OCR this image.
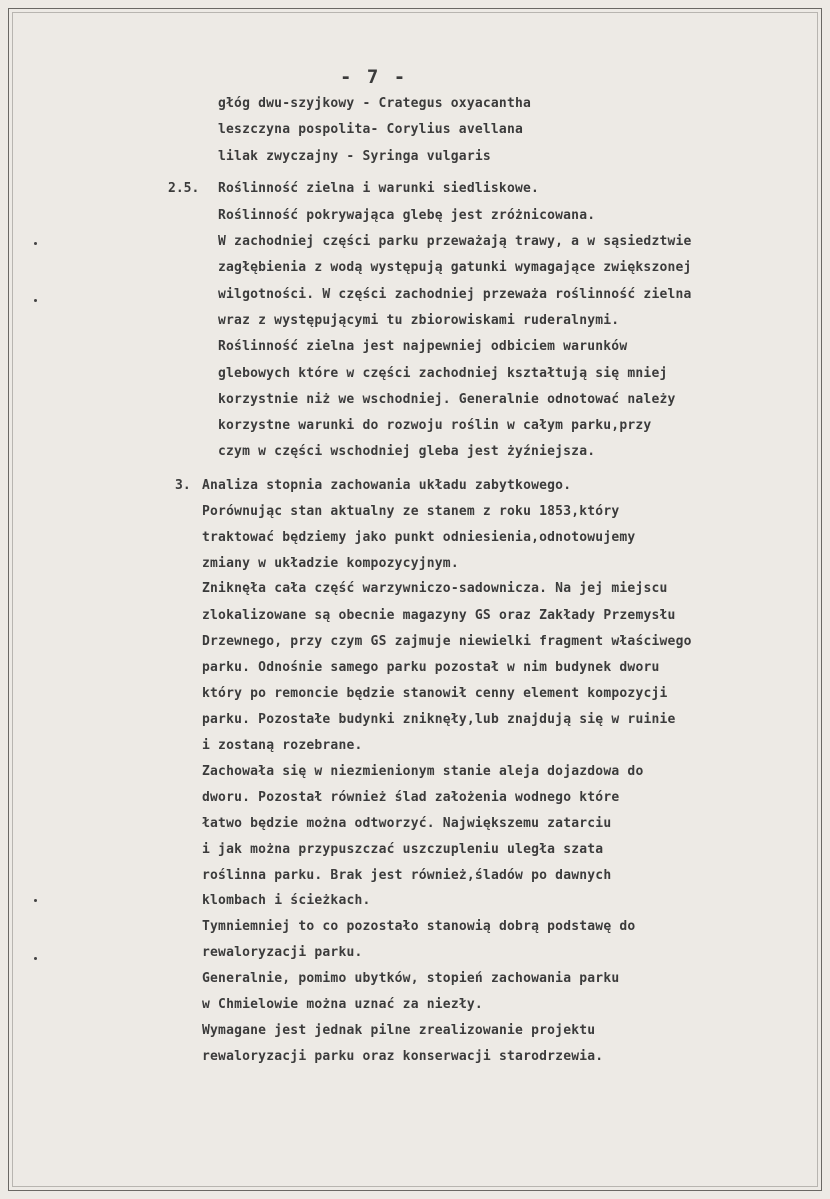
- 7 -
głóg dwu-szyjkowy - Crategus oxyacantha
leszczyna pospolita- Corylius avellana
lilak zwyczajny - Syringa vulgaris
2.5. Roślinność zielna i warunki siedliskowe.
Roślinność pokrywająca glebę jest zróżnicowana.
W zachodniej części parku przeważają trawy, a w sąsiedztwie
zagłębienia z wodą występują gatunki wymagające zwiększonej
wilgotności. W części zachodniej przeważa roślinność zielna
wraz z występującymi tu zbiorowiskami ruderalnymi.
Roślinność zielna jest najpewniej odbiciem warunków
glebowych które w części zachodniej kształtują się mniej
korzystnie niż we wschodniej. Generalnie odnotować należy
korzystne warunki do rozwoju roślin w całym parku,przy
czym w części wschodniej gleba jest żyźniejsza.
3. Analiza stopnia zachowania układu zabytkowego.
Porównując stan aktualny ze stanem z roku 1853,który
traktować będziemy jako punkt odniesienia,odnotowujemy
zmiany w układzie kompozycyjnym.
Zniknęła cała część warzywniczo-sadownicza. Na jej miejscu
zlokalizowane są obecnie magazyny GS oraz Zakłady Przemysłu
Drzewnego, przy czym GS zajmuje niewielki fragment właściwego
parku. Odnośnie samego parku pozostał w nim budynek dworu
który po remoncie będzie stanowił cenny element kompozycji
parku. Pozostałe budynki zniknęły,lub znajdują się w ruinie
i zostaną rozebrane.
Zachowała się w niezmienionym stanie aleja dojazdowa do
dworu. Pozostał również ślad założenia wodnego które
łatwo będzie można odtworzyć. Największemu zatarciu
i jak można przypuszczać uszczupleniu uległa szata
roślinna parku. Brak jest również,śladów po dawnych
klombach i ścieżkach.
Tymniemniej to co pozostało stanowią dobrą podstawę do
rewaloryzacji parku.
Generalnie, pomimo ubytków, stopień zachowania parku
w Chmielowie można uznać za niezły.
Wymagane jest jednak pilne zrealizowanie projektu
rewaloryzacji parku oraz konserwacji starodrzewia.
